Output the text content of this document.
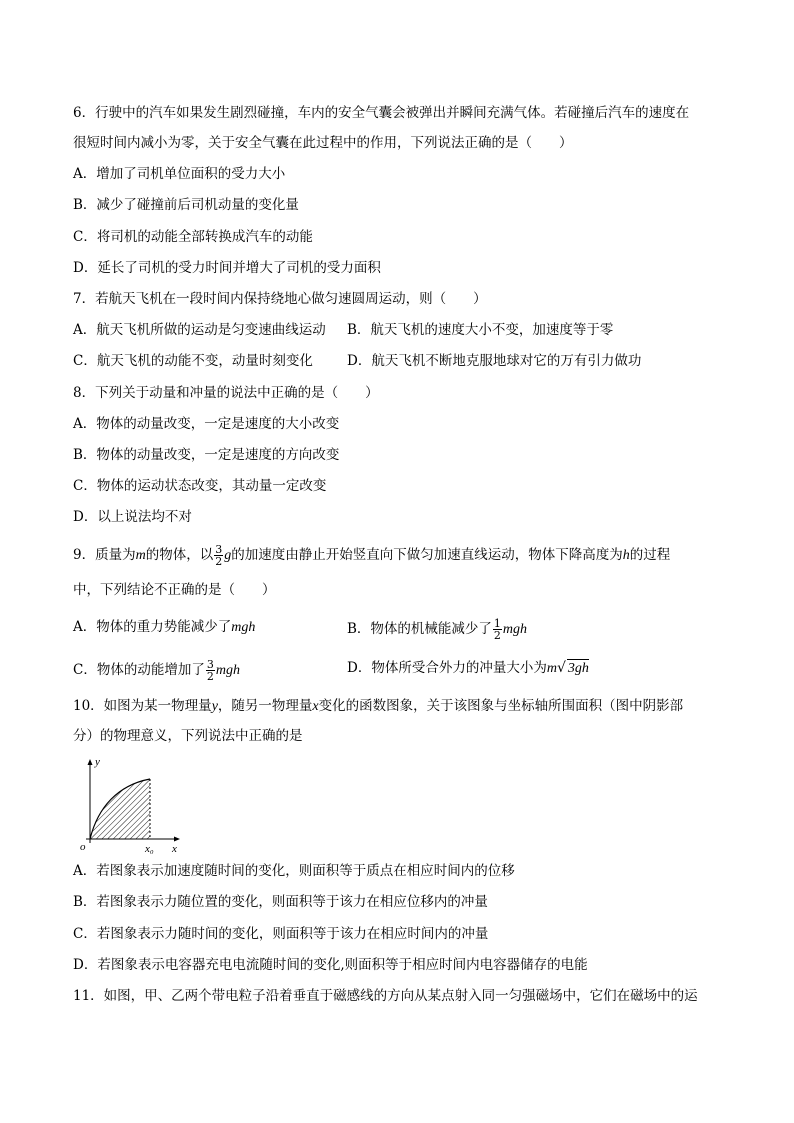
6．行驶中的汽车如果发生剧烈碰撞，车内的安全气囊会被弹出并瞬间充满气体。若碰撞后汽车的速度在
很短时间内减小为零，关于安全气囊在此过程中的作用，下列说法正确的是（　　）
A．增加了司机单位面积的受力大小
B．减少了碰撞前后司机动量的变化量
C．将司机的动能全部转换成汽车的动能
D．延长了司机的受力时间并增大了司机的受力面积
7．若航天飞机在一段时间内保持绕地心做匀速圆周运动，则（　　）
A．航天飞机所做的运动是匀变速曲线运动 B．航天飞机的速度大小不变，加速度等于零
C．航天飞机的动能不变，动量时刻变化	D．航天飞机不断地克服地球对它的万有引力做功
8．下列关于动量和冲量的说法中正确的是（　　）
A．物体的动量改变，一定是速度的大小改变
B．物体的动量改变，一定是速度的方向改变
C．物体的运动状态改变，其动量一定改变
D．以上说法均不对
9．质量为m的物体，以 $\frac{3}{2}$ g的加速度由静止开始竖直向下做匀加速直线运动，物体下降高度为h的过程
中，下列结论不正确的是（　　）
A．物体的重力势能减少了mgh	B．物体的机械能减少了 $\frac{1}{2}$ mgh
C．物体的动能增加了 $\frac{3}{2}$ mgh	D．物体所受合外力的冲量大小为m√ 3gh
10．如图为某一物理量y，随另一物理量x变化的函数图象，关于该图象与坐标轴所围面积（图中阴影部
分）的物理意义，下列说法中正确的是
y
x
o	x₀
A．若图象表示加速度随时间的变化，则面积等于质点在相应时间内的位移
B．若图象表示力随位置的变化，则面积等于该力在相应位移内的冲量
C．若图象表示力随时间的变化，则面积等于该力在相应时间内的冲量
D．若图象表示电容器充电电流随时间的变化,则面积等于相应时间内电容器储存的电能
11．如图，甲、乙两个带电粒子沿着垂直于磁感线的方向从某点射入同一匀强磁场中，它们在磁场中的运
